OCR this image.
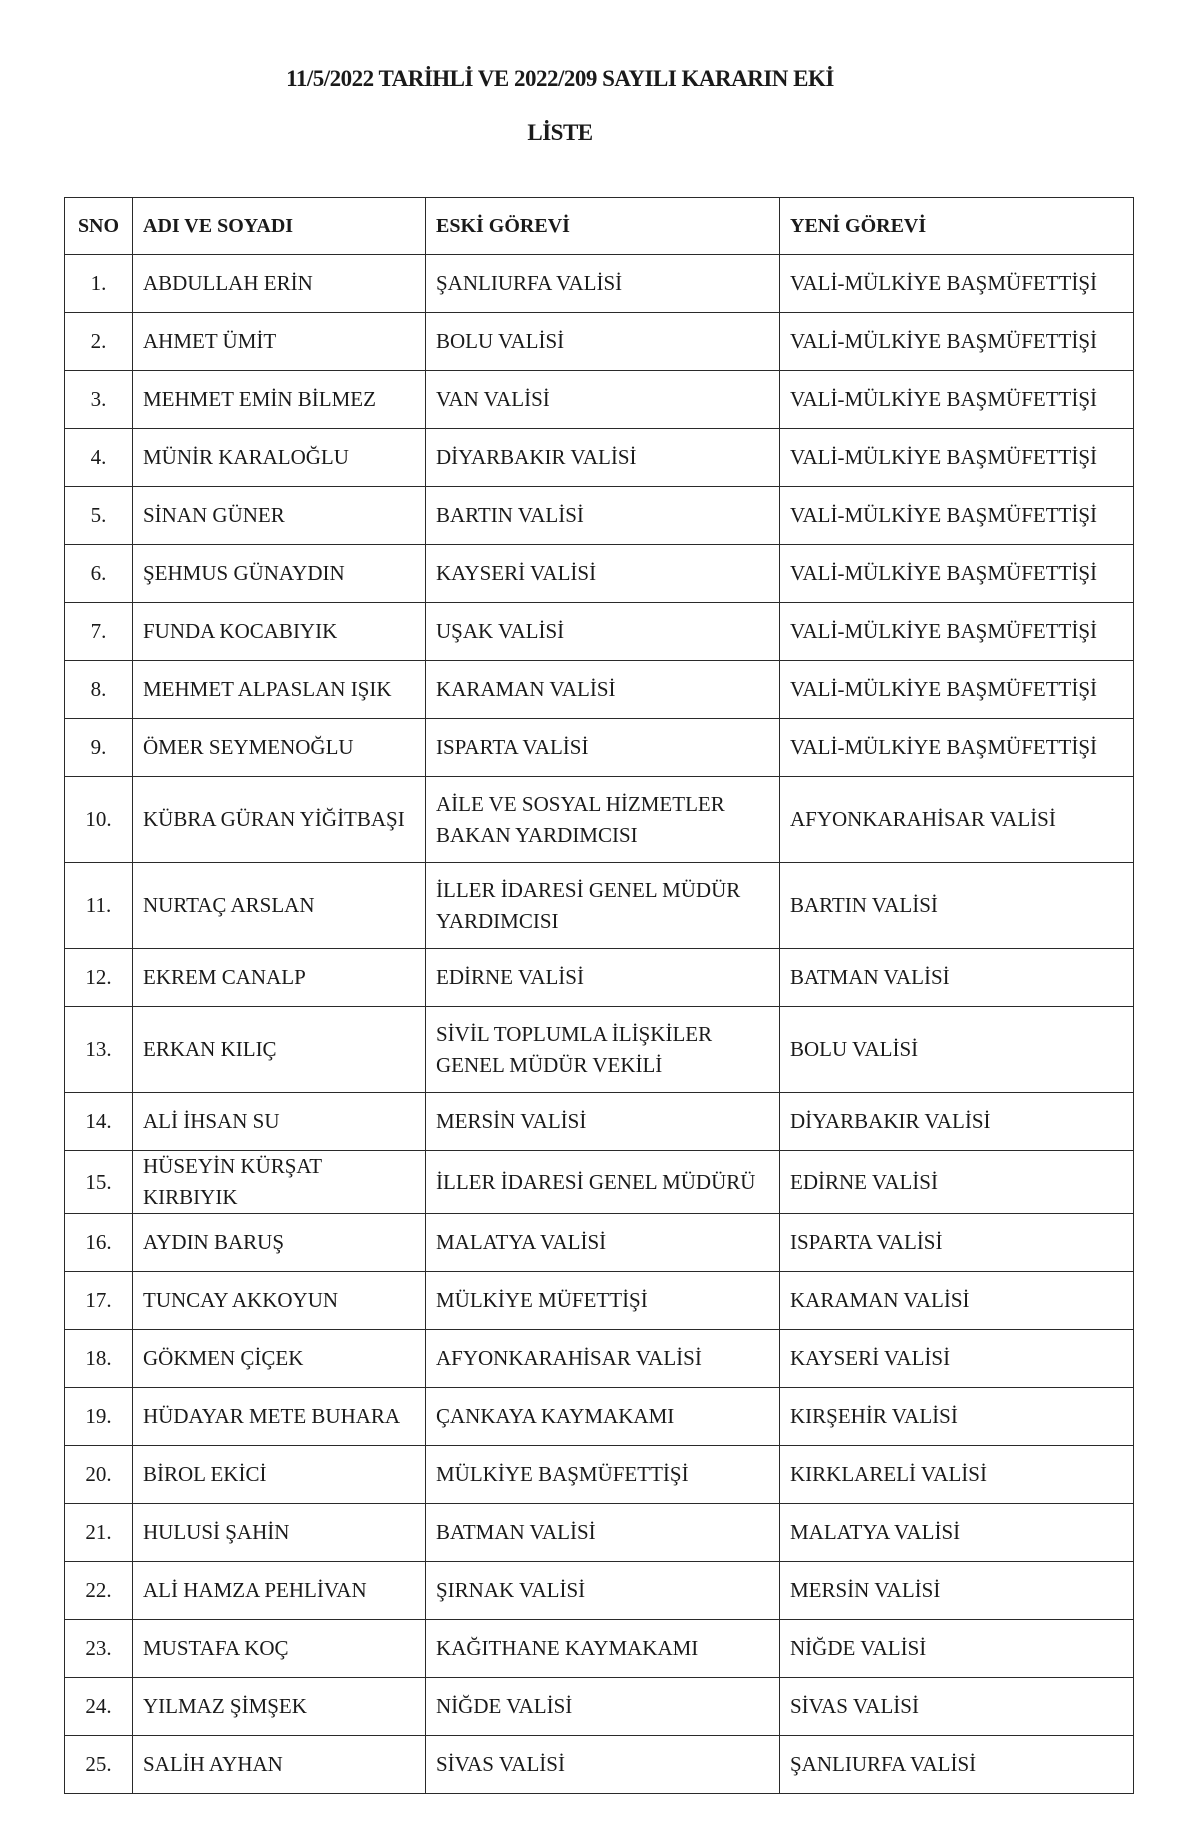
11/5/2022 TARİHLİ VE 2022/209 SAYILI KARARIN EKİ
LİSTE
SNO	ADI VE SOYADI	ESKİ GÖREVİ	YENİ GÖREVİ
1.	ABDULLAH ERİN	ŞANLIURFA VALİSİ	VALİ-MÜLKİYE BAŞMÜFETTİŞİ
2.	AHMET ÜMİT	BOLU VALİSİ	VALİ-MÜLKİYE BAŞMÜFETTİŞİ
3.	MEHMET EMİN BİLMEZ	VAN VALİSİ	VALİ-MÜLKİYE BAŞMÜFETTİŞİ
4.	MÜNİR KARALOĞLU	DİYARBAKIR VALİSİ	VALİ-MÜLKİYE BAŞMÜFETTİŞİ
5.	SİNAN GÜNER	BARTIN VALİSİ	VALİ-MÜLKİYE BAŞMÜFETTİŞİ
6.	ŞEHMUS GÜNAYDIN	KAYSERİ VALİSİ	VALİ-MÜLKİYE BAŞMÜFETTİŞİ
7.	FUNDA KOCABIYIK	UŞAK VALİSİ	VALİ-MÜLKİYE BAŞMÜFETTİŞİ
8.	MEHMET ALPASLAN IŞIK	KARAMAN VALİSİ	VALİ-MÜLKİYE BAŞMÜFETTİŞİ
9.	ÖMER SEYMENOĞLU	ISPARTA VALİSİ	VALİ-MÜLKİYE BAŞMÜFETTİŞİ
10.	KÜBRA GÜRAN YİĞİTBAŞI	AİLE VE SOSYAL HİZMETLER BAKAN YARDIMCISI	AFYONKARAHİSAR VALİSİ
11.	NURTAÇ ARSLAN	İLLER İDARESİ GENEL MÜDÜR YARDIMCISI	BARTIN VALİSİ
12.	EKREM CANALP	EDİRNE VALİSİ	BATMAN VALİSİ
13.	ERKAN KILIÇ	SİVİL TOPLUMLA İLİŞKİLER GENEL MÜDÜR VEKİLİ	BOLU VALİSİ
14.	ALİ İHSAN SU	MERSİN VALİSİ	DİYARBAKIR VALİSİ
15.	HÜSEYİN KÜRŞAT KIRBIYIK	İLLER İDARESİ GENEL MÜDÜRÜ	EDİRNE VALİSİ
16.	AYDIN BARUŞ	MALATYA VALİSİ	ISPARTA VALİSİ
17.	TUNCAY AKKOYUN	MÜLKİYE MÜFETTİŞİ	KARAMAN VALİSİ
18.	GÖKMEN ÇİÇEK	AFYONKARAHİSAR VALİSİ	KAYSERİ VALİSİ
19.	HÜDAYAR METE BUHARA	ÇANKAYA KAYMAKAMI	KIRŞEHİR VALİSİ
20.	BİROL EKİCİ	MÜLKİYE BAŞMÜFETTİŞİ	KIRKLARELİ VALİSİ
21.	HULUSİ ŞAHİN	BATMAN VALİSİ	MALATYA VALİSİ
22.	ALİ HAMZA PEHLİVAN	ŞIRNAK VALİSİ	MERSİN VALİSİ
23.	MUSTAFA KOÇ	KAĞITHANE KAYMAKAMI	NİĞDE VALİSİ
24.	YILMAZ ŞİMŞEK	NİĞDE VALİSİ	SİVAS VALİSİ
25.	SALİH AYHAN	SİVAS VALİSİ	ŞANLIURFA VALİSİ
